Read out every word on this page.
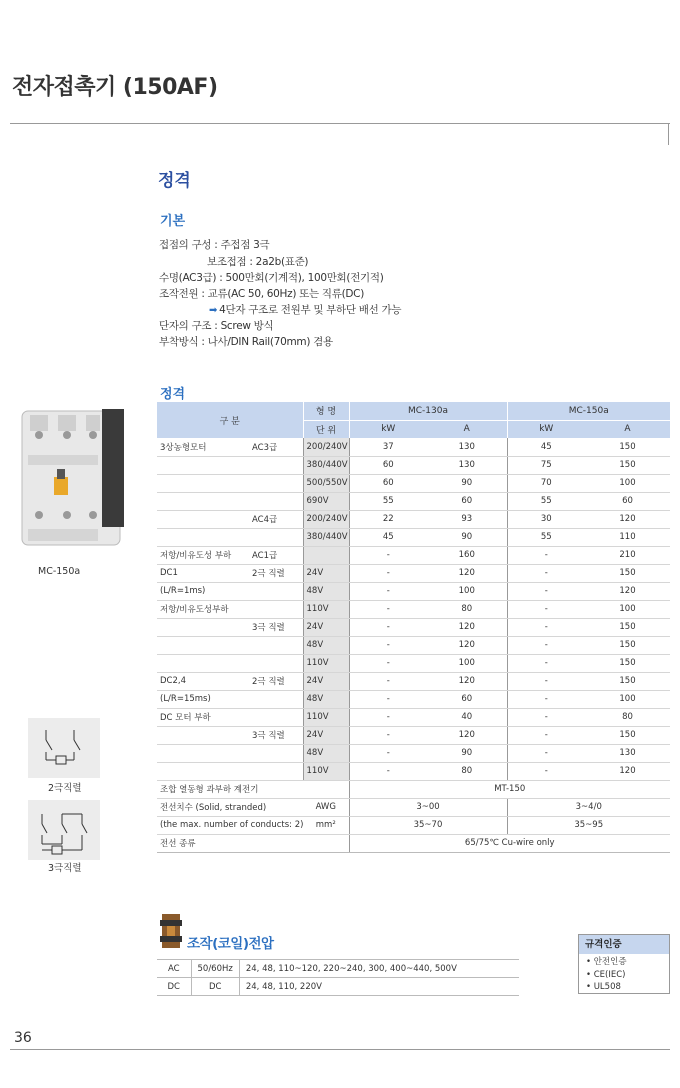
전자접촉기 (150AF)
정격
기본
접점의 구성 : 주접점 3극
보조접점 : 2a2b(표준)
수명(AC3급) : 500만회(기계적), 100만회(전기적)
조작전원 : 교류(AC 50, 60Hz) 또는 직류(DC)
➡ 4단자 구조로 전원부 및 부하단 배선 가능
단자의 구조 : Screw 방식
부착방식 : 나사/DIN Rail(70mm) 겸용
정격
MC-150a
구 분		형 명	MC-130a		MC-150a	
		단 위	kW	A	kW	A
3상농형모터	AC3급	200/240V	37	130	45	150
		380/440V	60	130	75	150
		500/550V	60	90	70	100
		690V	55	60	55	60
	AC4급	200/240V	22	93	30	120
		380/440V	45	90	55	110
저항/비유도성 부하	AC1급		-	160	-	210
DC1	2극 직렬	24V	-	120	-	150
(L/R=1ms)		48V	-	100	-	120
저항/비유도성부하		110V	-	80	-	100
	3극 직렬	24V	-	120	-	150
		48V	-	120	-	150
		110V	-	100	-	150
DC2,4	2극 직렬	24V	-	120	-	150
(L/R=15ms)		48V	-	60	-	100
DC 모터 부하		110V	-	40	-	80
	3극 직렬	24V	-	120	-	150
		48V	-	90	-	130
		110V	-	80	-	120
조합 열동형 과부하 계전기			MT-150			
전선치수 (Solid, stranded)		AWG	3~00		3~4/0	
(the max. number of conducts: 2)		mm²	35~70		35~95	
전선 종류			65/75℃ Cu-wire only			
2극직렬
3극직렬
조작(코일)전압
AC	50/60Hz	24, 48, 110~120, 220~240, 300, 400~440, 500V
DC	DC	24, 48, 110, 220V
규격인증
• 안전인증
• CE(IEC)
• UL508
36
